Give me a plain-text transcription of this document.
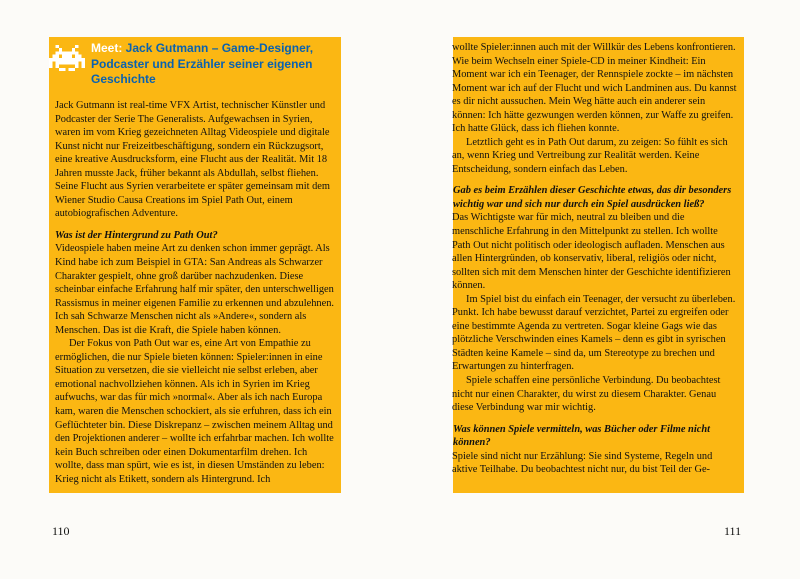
Meet: Jack Gutmann – Game-Designer, Podcaster und Erzähler seiner eigenen Geschichte

Jack Gutmann ist real-time VFX Artist, technischer Künstler und Podcaster der Serie The Generalists. Aufgewachsen in Syrien, waren im vom Krieg gezeichneten Alltag Videospiele und digitale Kunst nicht nur Freizeitbeschäftigung, sondern ein Rückzugsort, eine kreative Ausdrucksform, eine Flucht aus der Realität. Mit 18 Jahren musste Jack, früher bekannt als Abdullah, selbst fliehen. Seine Flucht aus Syrien verarbeitete er später gemeinsam mit dem Wiener Studio Causa Creations im Spiel Path Out, einem autobiografischen Adventure.

Was ist der Hintergrund zu Path Out?

Videospiele haben meine Art zu denken schon immer geprägt. Als Kind habe ich zum Beispiel in GTA: San Andreas als Schwarzer Charakter gespielt, ohne groß darüber nachzudenken. Diese scheinbar einfache Erfahrung half mir später, den unterschwelligen Rassismus in meiner eigenen Familie zu erkennen und abzulehnen. Ich sah Schwarze Menschen nicht als »Andere«, sondern als Menschen. Das ist die Kraft, die Spiele haben können.

Der Fokus von Path Out war es, eine Art von Empathie zu ermöglichen, die nur Spiele bieten können: Spieler:innen in eine Situation zu versetzen, die sie vielleicht nie selbst erleben, aber emotional nachvollziehen können. Als ich in Syrien im Krieg aufwuchs, war das für mich »normal«. Aber als ich nach Europa kam, waren die Menschen schockiert, als sie erfuhren, dass ich ein Geflüchteter bin. Diese Diskrepanz – zwischen meinem Alltag und den Projektionen anderer – wollte ich erfahrbar machen. Ich wollte kein Buch schreiben oder einen Dokumentarfilm drehen. Ich wollte, dass man spürt, wie es ist, in diesen Umständen zu leben: Krieg nicht als Etikett, sondern als Hintergrund. Ich

wollte Spieler:innen auch mit der Willkür des Lebens konfrontieren. Wie beim Wechseln einer Spiele-CD in meiner Kindheit: Ein Moment war ich ein Teenager, der Rennspiele zockte – im nächsten Moment war ich auf der Flucht und wich Landminen aus. Du kannst es dir nicht aussuchen. Mein Weg hätte auch ein anderer sein können: Ich hätte gezwungen werden können, zur Waffe zu greifen. Ich hatte Glück, dass ich fliehen konnte.

Letztlich geht es in Path Out darum, zu zeigen: So fühlt es sich an, wenn Krieg und Vertreibung zur Realität werden. Keine Entscheidung, sondern einfach das Leben.

Gab es beim Erzählen dieser Geschichte etwas, das dir besonders wichtig war und sich nur durch ein Spiel ausdrücken ließ?

Das Wichtigste war für mich, neutral zu bleiben und die menschliche Erfahrung in den Mittelpunkt zu stellen. Ich wollte Path Out nicht politisch oder ideologisch aufladen. Menschen aus allen Hintergründen, ob konservativ, liberal, religiös oder nicht, sollten sich mit dem Menschen hinter der Geschichte identifizieren können.

Im Spiel bist du einfach ein Teenager, der versucht zu überleben. Punkt. Ich habe bewusst darauf verzichtet, Partei zu ergreifen oder eine bestimmte Agenda zu vertreten. Sogar kleine Gags wie das plötzliche Verschwinden eines Kamels – denn es gibt in syrischen Städten keine Kamele – sind da, um Stereotype zu brechen und Erwartungen zu hinterfragen.

Spiele schaffen eine persönliche Verbindung. Du beobachtest nicht nur einen Charakter, du wirst zu diesem Charakter. Genau diese Verbindung war mir wichtig.

Was können Spiele vermitteln, was Bücher oder Filme nicht können?

Spiele sind nicht nur Erzählung: Sie sind Systeme, Regeln und aktive Teilhabe. Du beobachtest nicht nur, du bist Teil der Ge-

110	111
